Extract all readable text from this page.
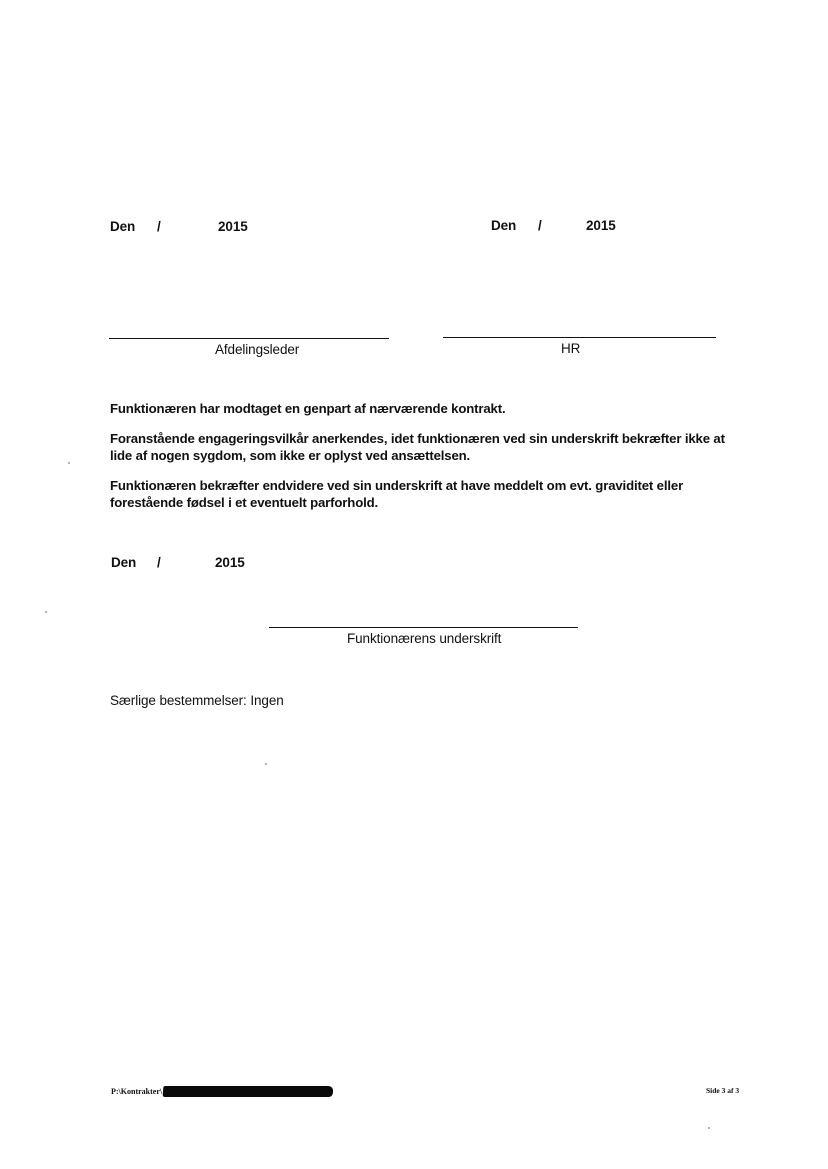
Den /	2015	Den /	2015
Afdelingsleder	HR
Funktionæren har modtaget en genpart af nærværende kontrakt.
Foranstående engageringsvilkår anerkendes, idet funktionæren ved sin underskrift bekræfter ikke at lide af nogen sygdom, som ikke er oplyst ved ansættelsen.
Funktionæren bekræfter endvidere ved sin underskrift at have meddelt om evt. graviditet eller forestående fødsel i et eventuelt parforhold.
Den /	2015
Funktionærens underskrift
Særlige bestemmelser: Ingen
P:\Kontrakter\	Side 3 af 3
